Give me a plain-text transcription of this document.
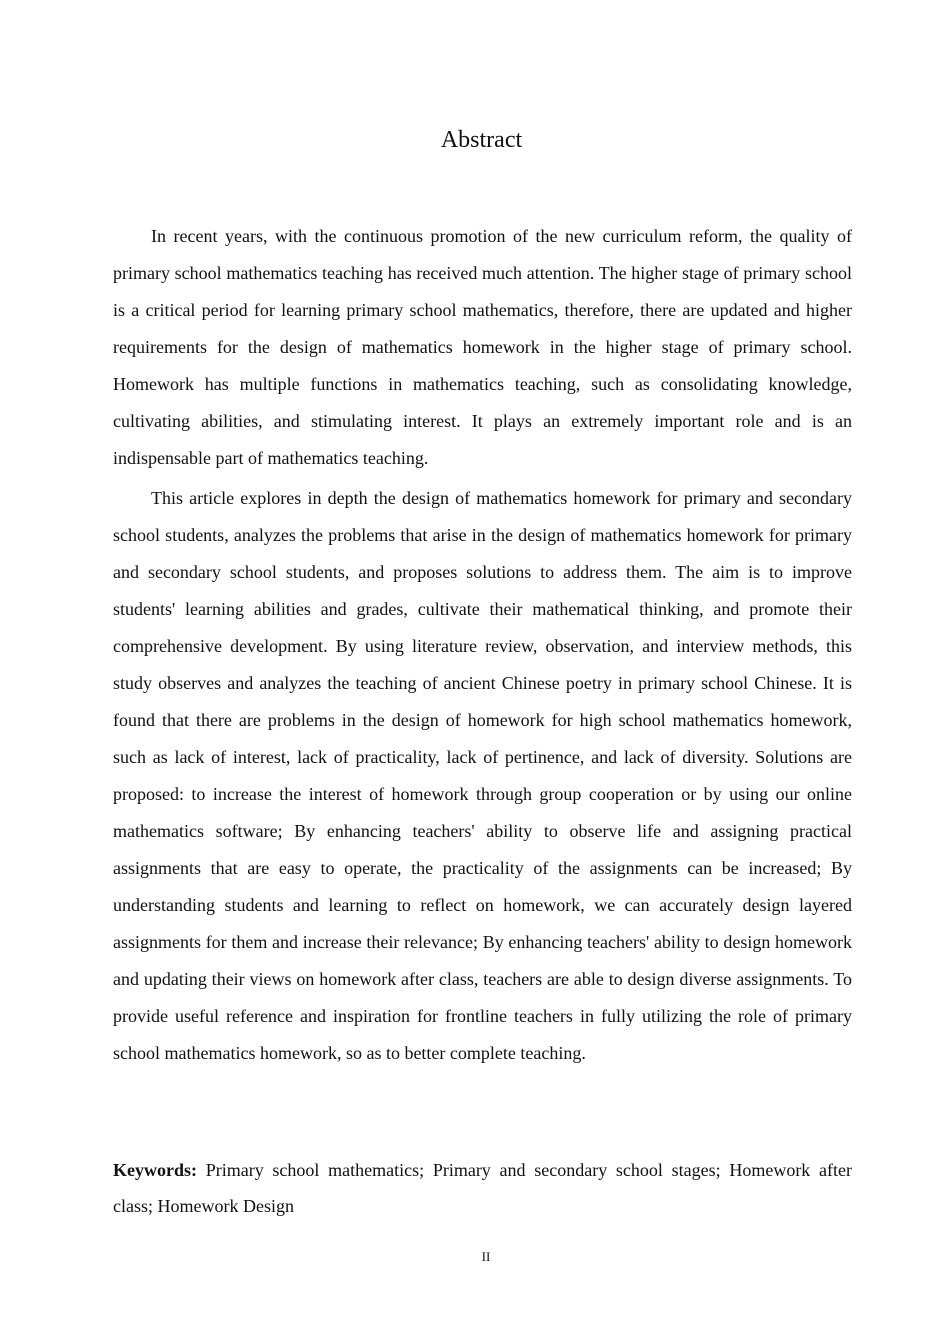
Abstract

In recent years, with the continuous promotion of the new curriculum reform, the quality of primary school mathematics teaching has received much attention. The higher stage of primary school is a critical period for learning primary school mathematics, therefore, there are updated and higher requirements for the design of mathematics homework in the higher stage of primary school. Homework has multiple functions in mathematics teaching, such as consolidating knowledge, cultivating abilities, and stimulating interest. It plays an extremely important role and is an indispensable part of mathematics teaching.

This article explores in depth the design of mathematics homework for primary and secondary school students, analyzes the problems that arise in the design of mathematics homework for primary and secondary school students, and proposes solutions to address them. The aim is to improve students' learning abilities and grades, cultivate their mathematical thinking, and promote their comprehensive development. By using literature review, observation, and interview methods, this study observes and analyzes the teaching of ancient Chinese poetry in primary school Chinese. It is found that there are problems in the design of homework for high school mathematics homework, such as lack of interest, lack of practicality, lack of pertinence, and lack of diversity. Solutions are proposed: to increase the interest of homework through group cooperation or by using our online mathematics software; By enhancing teachers' ability to observe life and assigning practical assignments that are easy to operate, the practicality of the assignments can be increased; By understanding students and learning to reflect on homework, we can accurately design layered assignments for them and increase their relevance; By enhancing teachers' ability to design homework and updating their views on homework after class, teachers are able to design diverse assignments. To provide useful reference and inspiration for frontline teachers in fully utilizing the role of primary school mathematics homework, so as to better complete teaching.

Keywords: Primary school mathematics; Primary and secondary school stages; Homework after class; Homework Design

II
